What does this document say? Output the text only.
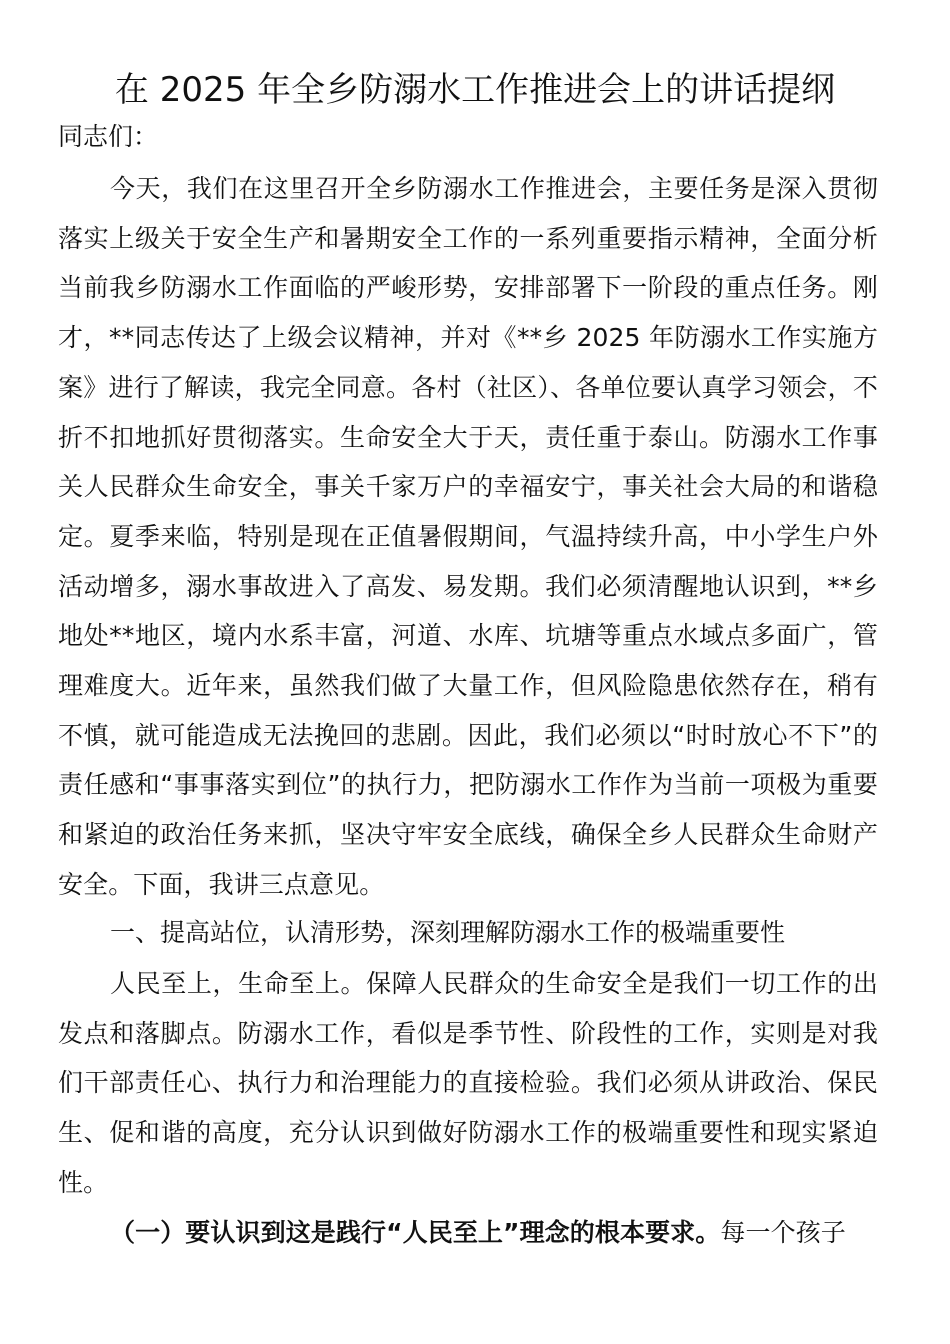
在 2025 年全乡防溺水工作推进会上的讲话提纲
同志们：

今天，我们在这里召开全乡防溺水工作推进会，主要任务是深入贯彻落实上级关于安全生产和暑期安全工作的一系列重要指示精神，全面分析当前我乡防溺水工作面临的严峻形势，安排部署下一阶段的重点任务。刚才，**同志传达了上级会议精神，并对《**乡 2025 年防溺水工作实施方案》进行了解读，我完全同意。各村（社区）、各单位要认真学习领会，不折不扣地抓好贯彻落实。生命安全大于天，责任重于泰山。防溺水工作事关人民群众生命安全，事关千家万户的幸福安宁，事关社会大局的和谐稳定。夏季来临，特别是现在正值暑假期间，气温持续升高，中小学生户外活动增多，溺水事故进入了高发、易发期。我们必须清醒地认识到，**乡地处**地区，境内水系丰富，河道、水库、坑塘等重点水域点多面广，管理难度大。近年来，虽然我们做了大量工作，但风险隐患依然存在，稍有不慎，就可能造成无法挽回的悲剧。因此，我们必须以“时时放心不下”的责任感和“事事落实到位”的执行力，把防溺水工作作为当前一项极为重要和紧迫的政治任务来抓，坚决守牢安全底线，确保全乡人民群众生命财产安全。下面，我讲三点意见。

一、提高站位，认清形势，深刻理解防溺水工作的极端重要性

人民至上，生命至上。保障人民群众的生命安全是我们一切工作的出发点和落脚点。防溺水工作，看似是季节性、阶段性的工作，实则是对我们干部责任心、执行力和治理能力的直接检验。我们必须从讲政治、保民生、促和谐的高度，充分认识到做好防溺水工作的极端重要性和现实紧迫性。

（一）要认识到这是践行“人民至上”理念的根本要求。每一个孩子
